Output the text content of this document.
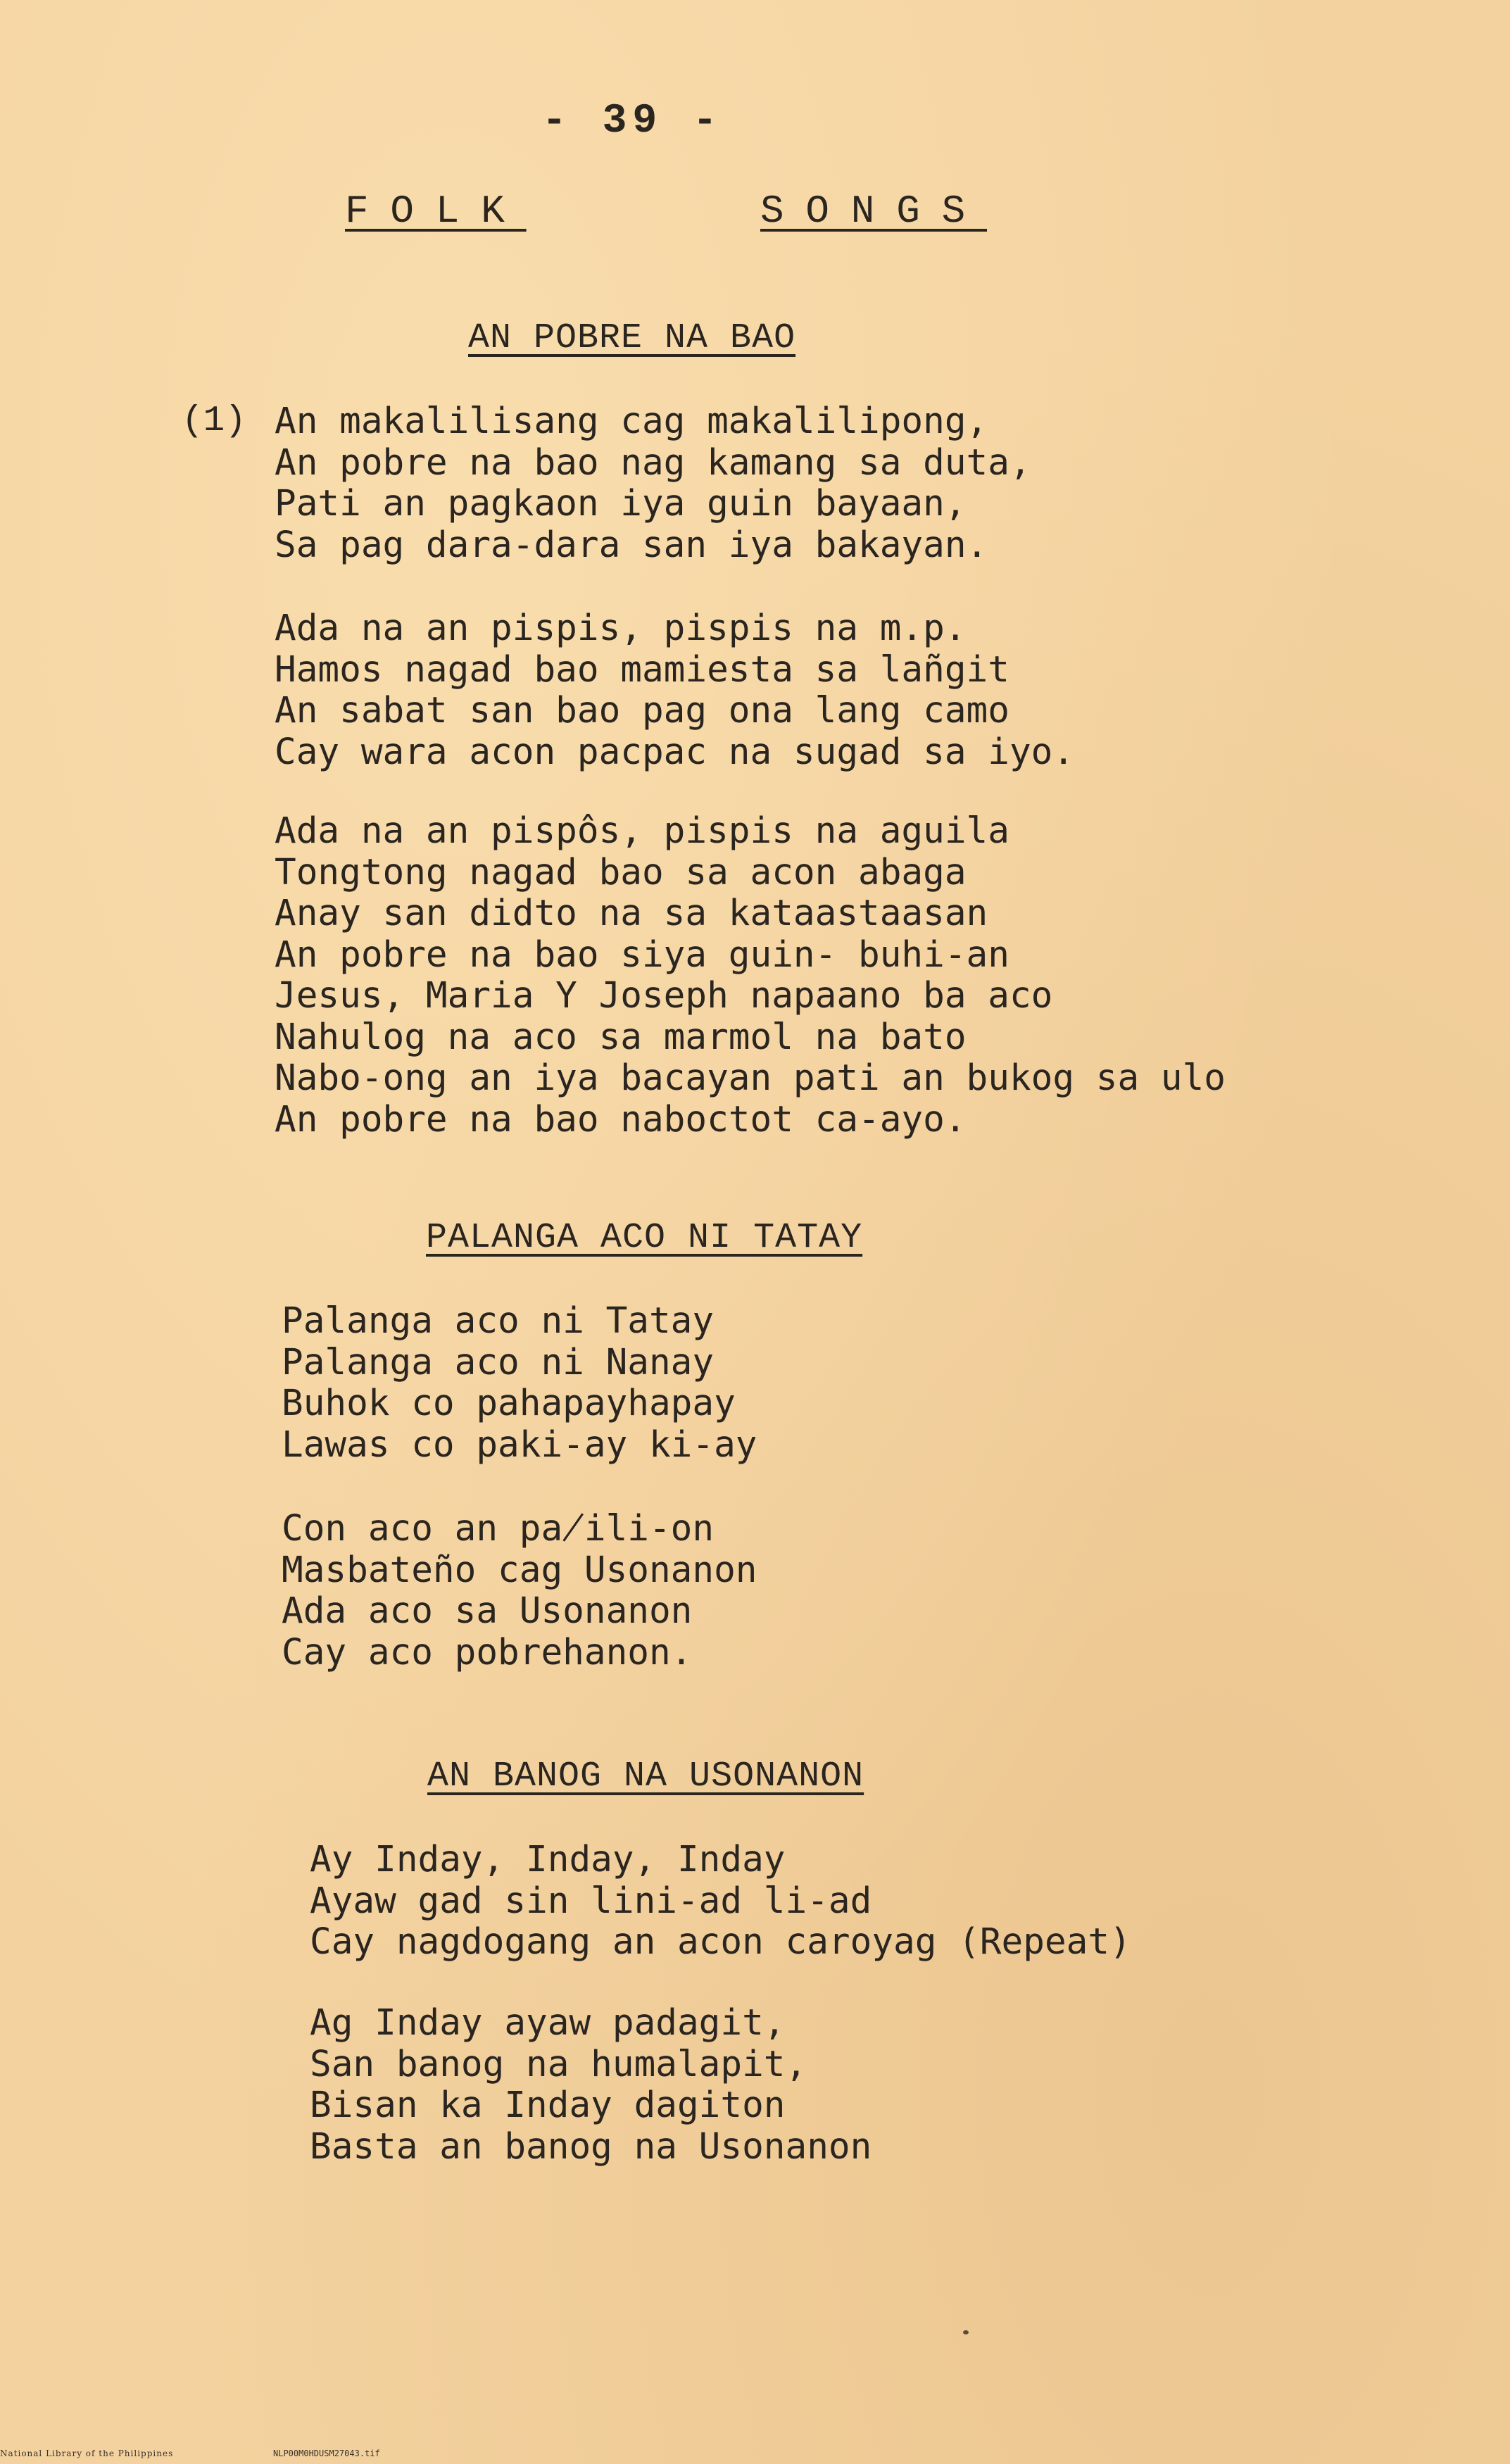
- 39 -
FOLK	SONGS
AN POBRE NA BAO
(1) An makalilisang cag makalilipong,
An pobre na bao nag kamang sa duta,
Pati an pagkaon iya guin bayaan,
Sa pag dara-dara san iya bakayan.
Ada na an pispis, pispis na m.p.
Hamos nagad bao mamiesta sa lañgit
An sabat san bao pag ona lang camo
Cay wara acon pacpac na sugad sa iyo.
Ada na an pispôs, pispis na aguila
Tongtong nagad bao sa acon abaga
Anay san didto na sa kataastaasan
An pobre na bao siya guin- buhi-an
Jesus, Maria Y Joseph napaano ba aco
Nahulog na aco sa marmol na bato
Nabo-ong an iya bacayan pati an bukog sa ulo
An pobre na bao naboctot ca-ayo.
PALANGA ACO NI TATAY
Palanga aco ni Tatay
Palanga aco ni Nanay
Buhok co pahapayhapay
Lawas co paki-ay ki-ay
Con aco an pa̸ili-on
Masbateño cag Usonanon
Ada aco sa Usonanon
Cay aco pobrehanon.
AN BANOG NA USONANON
Ay Inday, Inday, Inday
Ayaw gad sin lini-ad li-ad
Cay nagdogang an acon caroyag (Repeat)
Ag Inday ayaw padagit,
San banog na humalapit,
Bisan ka Inday dagiton
Basta an banog na Usonanon
National Library of the Philippines	NLP00M0HDUSM27043.tif
